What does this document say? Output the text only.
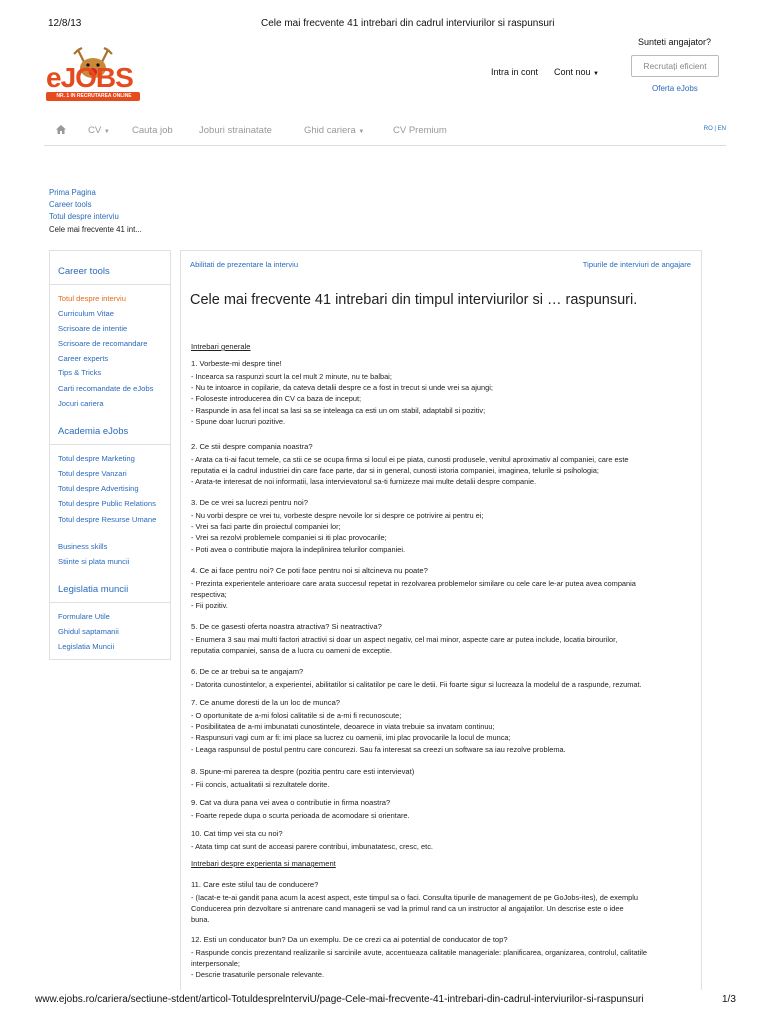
12/8/13	Cele mai frecvente 41 intrebari din cadrul interviurilor si raspunsuri
eJOBS
NR. 1 IN RECRUTAREA ONLINE
Sunteti angajator?
Intra in cont Cont nou ▼
Recrutați eficient
Oferta eJobs
CV ▼ Cauta job	Joburi strainatate	Ghid cariera ▼	CV Premium	RO | EN
Prima Pagina
Career tools
Totul despre interviu
Cele mai frecvente 41 int...
Career tools
Totul despre interviu
Curriculum Vitae
Scrisoare de intentie
Scrisoare de recomandare
Career experts
Tips & Tricks
Carti recomandate de eJobs
Jocuri cariera
Academia eJobs
Totul despre Marketing
Totul despre Vanzari
Totul despre Advertising
Totul despre Public Relations
Totul despre Resurse Umane
Business skills
Stiinte si plata muncii
Legislatia muncii
Formulare Utile
Ghidul saptamanii
Legislatia Muncii
Abilitati de prezentare la interviu	Tipurile de interviuri de angajare
Cele mai frecvente 41 intrebari din timpul interviurilor si … raspunsuri.
Intrebari generale
1. Vorbeste-mi despre tine!
- Incearca sa raspunzi scurt la cel mult 2 minute, nu te balbai;
- Nu te intoarce in copilarie, da cateva detalii despre ce a fost in trecut si unde vrei sa ajungi;
- Foloseste introducerea din CV ca baza de inceput;
- Raspunde in asa fel incat sa lasi sa se inteleaga ca esti un om stabil, adaptabil si pozitiv;
- Spune doar lucruri pozitive.
2. Ce stii despre compania noastra?
- Arata ca ti-ai facut temele, ca stii ce se ocupa firma si locul ei pe piata, cunosti produsele, venitul aproximativ al companiei, care este
reputatia ei la cadrul industriei din care face parte, dar si in general, cunosti istoria companiei, imaginea, telurile si psihologia;
- Arata-te interesat de noi informatii, lasa intervievatorul sa-ti furnizeze mai multe detalii despre companie.
3. De ce vrei sa lucrezi pentru noi?
- Nu vorbi despre ce vrei tu, vorbeste despre nevoile lor si despre ce potrivire ai pentru ei;
- Vrei sa faci parte din proiectul companiei lor;
- Vrei sa rezolvi problemele companiei si iti plac provocarile;
- Poti avea o contributie majora la indeplinirea telurilor companiei.
4. Ce ai face pentru noi? Ce poti face pentru noi si altcineva nu poate?
- Prezinta experientele anterioare care arata succesul repetat in rezolvarea problemelor similare cu cele care le-ar putea avea compania
respectiva;
- Fii pozitiv.
5. De ce gasesti oferta noastra atractiva? Si neatractiva?
- Enumera 3 sau mai multi factori atractivi si doar un aspect negativ, cel mai minor, aspecte care ar putea include, locatia birourilor,
reputatia companiei, sansa de a lucra cu oameni de exceptie.
6. De ce ar trebui sa te angajam?
- Datorita cunostintelor, a experientei, abilitatilor si calitatilor pe care le detii. Fii foarte sigur si lucreaza la modelul de a raspunde, rezumat.
7. Ce anume doresti de la un loc de munca?
- O oportunitate de a-mi folosi calitatile si de a-mi fi recunoscute;
- Posibilitatea de a-mi imbunatati cunostintele, deoarece in viata trebuie sa invatam continuu;
- Raspunsuri vagi cum ar fi: imi place sa lucrez cu oamenii, imi plac provocarile la locul de munca;
- Leaga raspunsul de postul pentru care concurezi. Sau fa interesat sa creezi un software sa iau rezolve problema.
8. Spune-mi parerea ta despre (pozitia pentru care esti intervievat)
- Fii concis, actualitatii si rezultatele dorite.
9. Cat va dura pana vei avea o contributie in firma noastra?
- Foarte repede dupa o scurta perioada de acomodare si orientare.
10. Cat timp vei sta cu noi?
- Atata timp cat sunt de acceasi parere contribui, imbunatatesc, cresc, etc.
Intrebari despre experienta si management
11. Care este stilul tau de conducere?
- (Iacat-e te-ai gandit pana acum la acest aspect, este timpul sa o faci. Consulta tipurile de management de pe GoJobs-ites), de exemplu
Conducerea prin dezvoltare si antrenare cand managerii se vad la primul rand ca un instructor al angajatilor. Un descrise este o idee
buna.
12. Esti un conducator bun? Da un exemplu. De ce crezi ca ai potential de conducator de top?
- Raspunde concis prezentand realizarile si sarcinile avute, accentueaza calitatile manageriale: planificarea, organizarea, controlul, calitatile
interpersonale;
- Descrie trasaturile personale relevante.
www.ejobs.ro/cariera/sectiune-stdent/articol-TotuldesprelnterviU/page-Cele-mai-frecvente-41-intrebari-din-cadrul-interviurilor-si-raspunsuri	1/3
